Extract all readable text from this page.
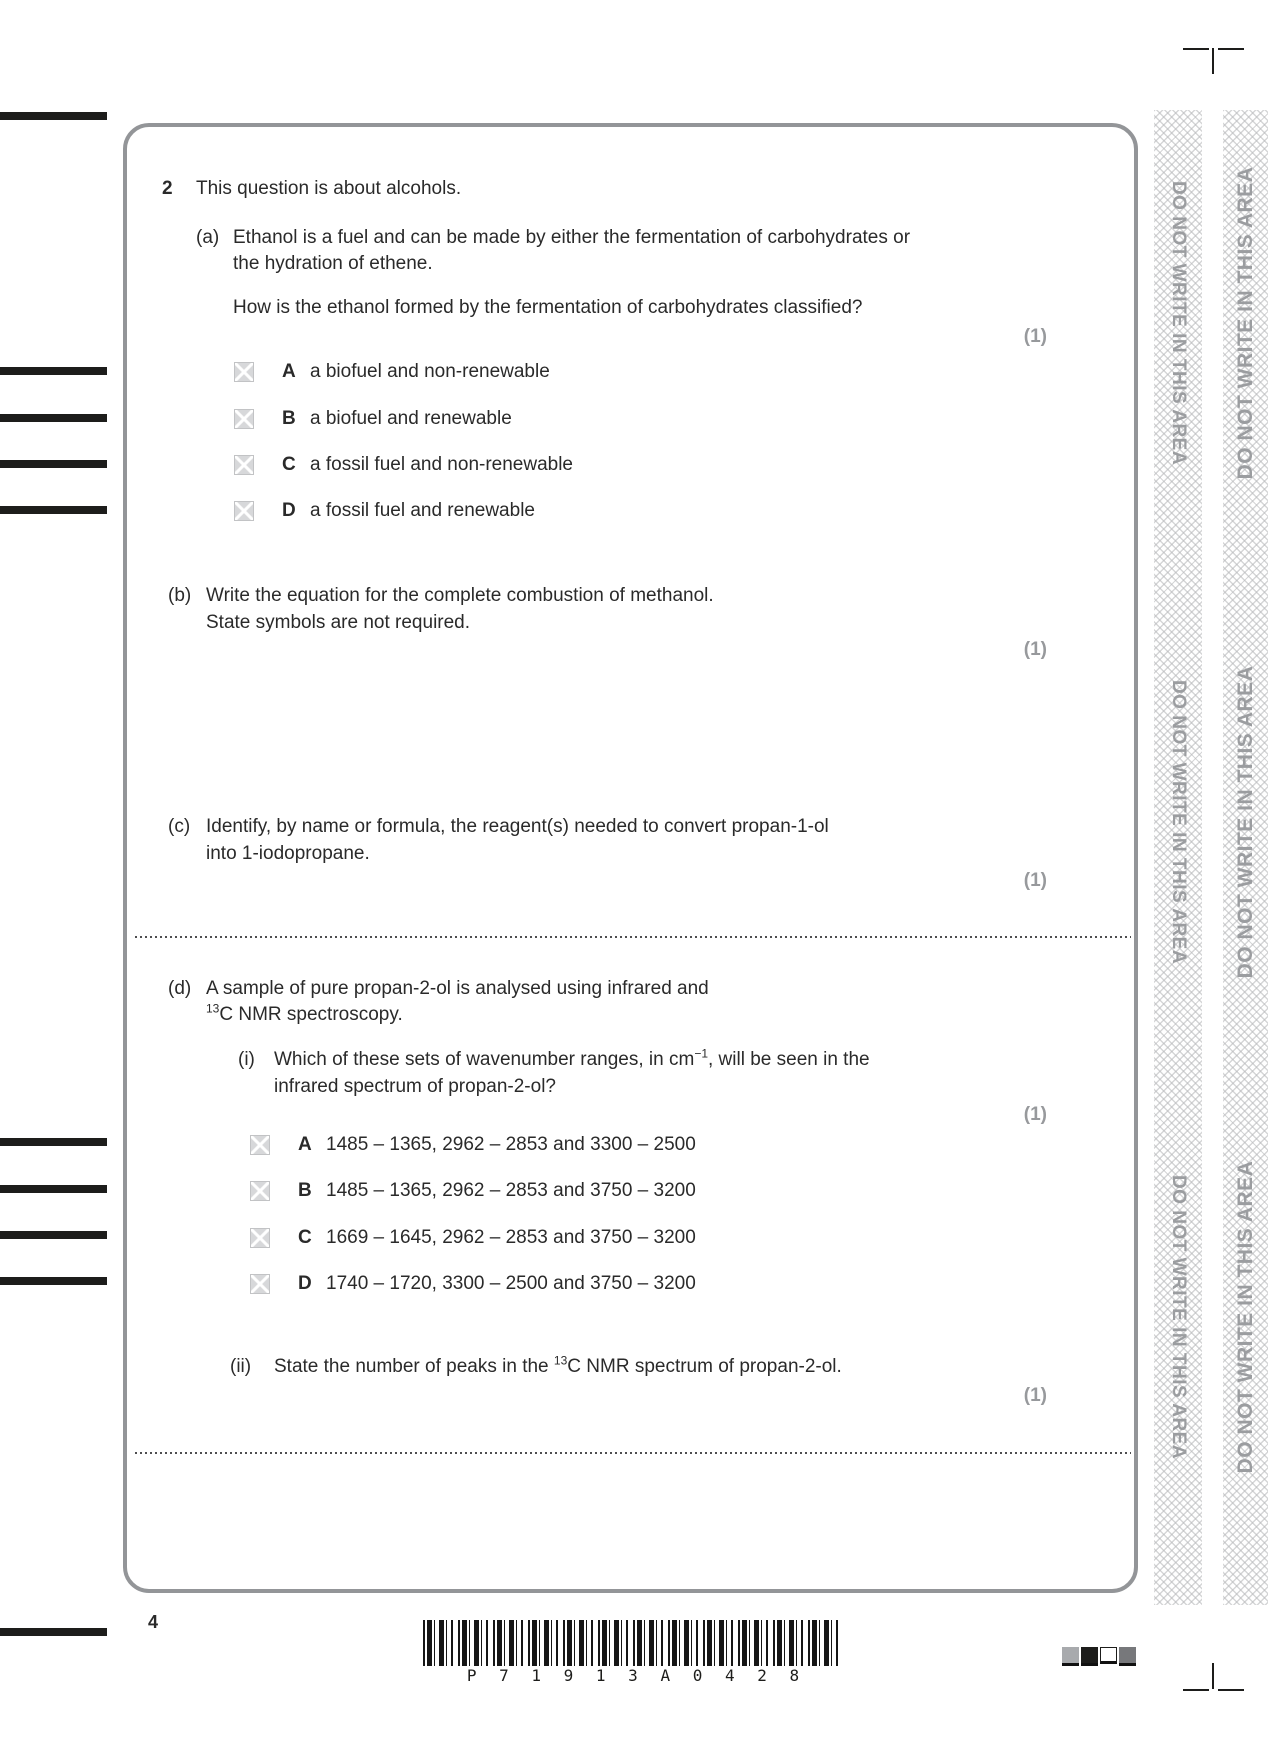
DO NOT WRITE IN THIS AREA
DO NOT WRITE IN THIS AREA
DO NOT WRITE IN THIS AREA
DO NOT WRITE IN THIS AREA
DO NOT WRITE IN THIS AREA
DO NOT WRITE IN THIS AREA
2 This question is about alcohols.
(a) Ethanol is a fuel and can be made by either the fermentation of carbohydrates or
the hydration of ethene.
How is the ethanol formed by the fermentation of carbohydrates classified?
(1)
A a biofuel and non-renewable
B a biofuel and renewable
C a fossil fuel and non-renewable
D a fossil fuel and renewable
(b) Write the equation for the complete combustion of methanol.
State symbols are not required.
(1)
(c) Identify, by name or formula, the reagent(s) needed to convert propan-1-ol
into 1-iodopropane.
(1)
(d) A sample of pure propan-2-ol is analysed using infrared and
$^{13}$C NMR spectroscopy.
(i) Which of these sets of wavenumber ranges, in $cm^{-1}$, will be seen in the
infrared spectrum of propan-2-ol?
(1)
A 1485 – 1365, 2962 – 2853 and 3300 – 2500
B 1485 – 1365, 2962 – 2853 and 3750 – 3200
C 1669 – 1645, 2962 – 2853 and 3750 – 3200
D 1740 – 1720, 3300 – 2500 and 3750 – 3200
(ii) State the number of peaks in the $^{13}$C NMR spectrum of propan-2-ol.
(1)
4
P 7 1 9 1 3 A 0 4 2 8
